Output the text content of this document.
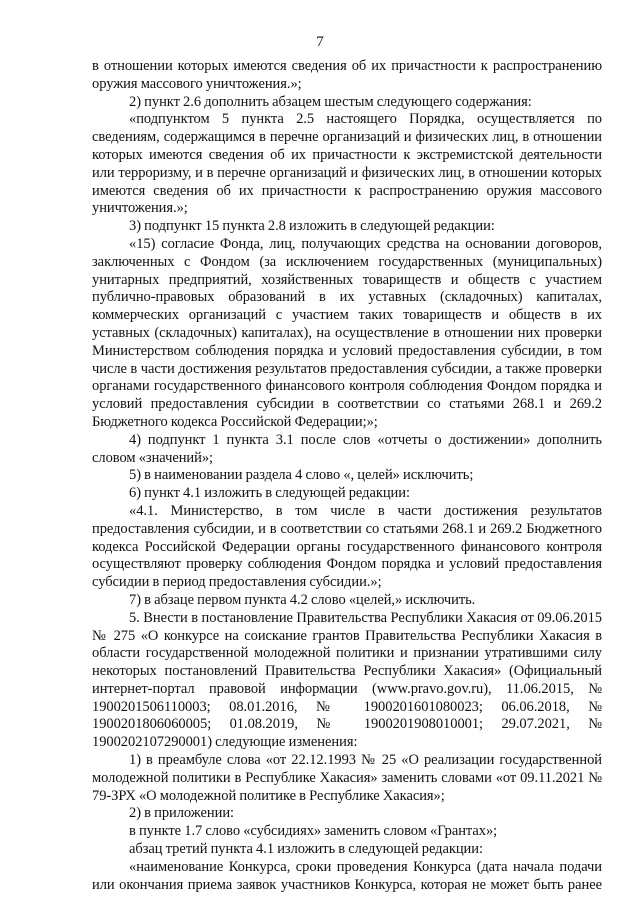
7

в отношении которых имеются сведения об их причастности к распространению оружия массового уничтожения.»;

2) пункт 2.6 дополнить абзацем шестым следующего содержания:

«подпунктом 5 пункта 2.5 настоящего Порядка, осуществляется по сведениям, содержащимся в перечне организаций и физических лиц, в отношении которых имеются сведения об их причастности к экстремистской деятельности или терроризму, и в перечне организаций и физических лиц, в отношении которых имеются сведения об их причастности к распространению оружия массового уничтожения.»;

3) подпункт 15 пункта 2.8 изложить в следующей редакции:

«15) согласие Фонда, лиц, получающих средства на основании договоров, заключенных с Фондом (за исключением государственных (муниципальных) унитарных предприятий, хозяйственных товариществ и обществ с участием публично-правовых образований в их уставных (складочных) капиталах, коммерческих организаций с участием таких товариществ и обществ в их уставных (складочных) капиталах), на осуществление в отношении них проверки Министерством соблюдения порядка и условий предоставления субсидии, в том числе в части достижения результатов предоставления субсидии, а также проверки органами государственного финансового контроля соблюдения Фондом порядка и условий предоставления субсидии в соответствии со статьями 268.1 и 269.2 Бюджетного кодекса Российской Федерации;»;

4) подпункт 1 пункта 3.1 после слов «отчеты о достижении» дополнить словом «значений»;

5) в наименовании раздела 4 слово «, целей» исключить;

6) пункт 4.1 изложить в следующей редакции:

«4.1. Министерство, в том числе в части достижения результатов предоставления субсидии, и в соответствии со статьями 268.1 и 269.2 Бюджетного кодекса Российской Федерации органы государственного финансового контроля осуществляют проверку соблюдения Фондом порядка и условий предоставления субсидии в период предоставления субсидии.»;

7) в абзаце первом пункта 4.2 слово «целей,» исключить.

5. Внести в постановление Правительства Республики Хакасия от 09.06.2015 № 275 «О конкурсе на соискание грантов Правительства Республики Хакасия в области государственной молодежной политики и признании утратившими силу некоторых постановлений Правительства Республики Хакасия» (Официальный интернет-портал правовой информации (www.pravo.gov.ru), 11.06.2015, № 1900201506110003; 08.01.2016, № 1900201601080023; 06.06.2018, № 1900201806060005; 01.08.2019, № 1900201908010001; 29.07.2021, № 1900202107290001) следующие изменения:

1) в преамбуле слова «от 22.12.1993 № 25 «О реализации государственной молодежной политики в Республике Хакасия» заменить словами «от 09.11.2021 № 79-ЗРХ «О молодежной политике в Республике Хакасия»;

2) в приложении:

в пункте 1.7 слово «субсидиях» заменить словом «Грантах»;

абзац третий пункта 4.1 изложить в следующей редакции:

«наименование Конкурса, сроки проведения Конкурса (дата начала подачи или окончания приема заявок участников Конкурса, которая не может быть ранее
